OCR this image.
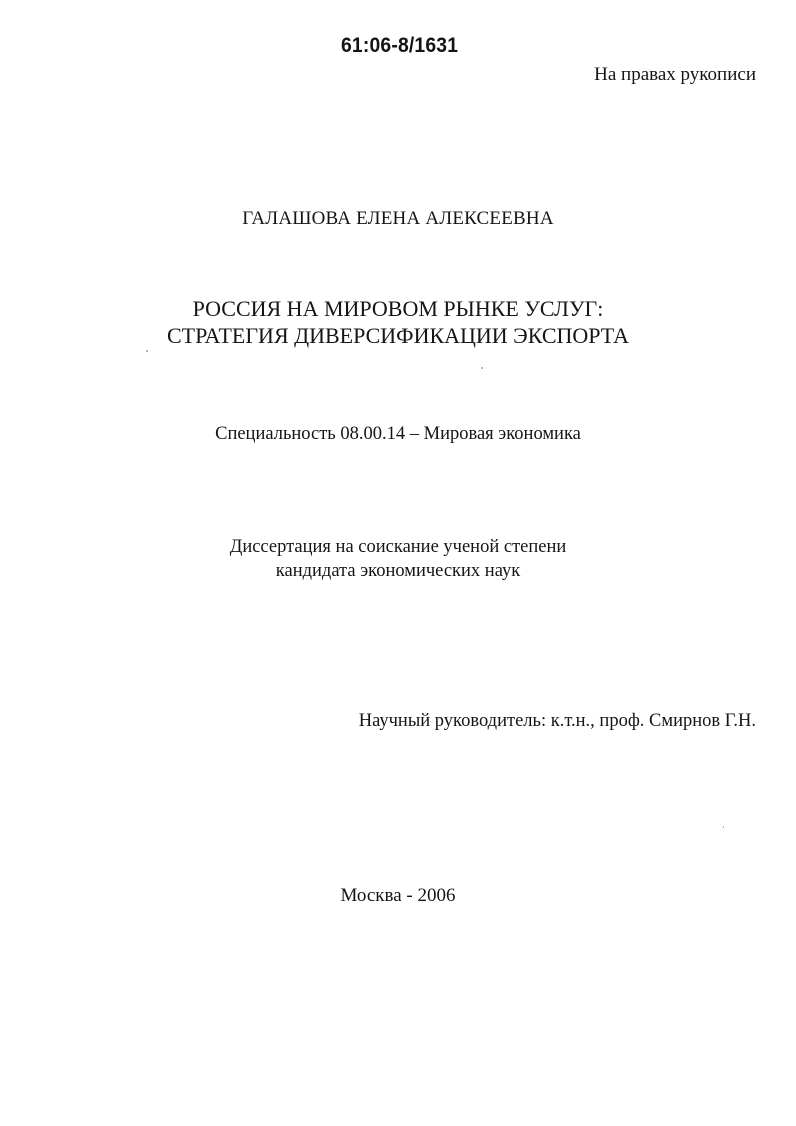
61:06-8/1631
На правах рукописи
ГАЛАШОВА ЕЛЕНА АЛЕКСЕЕВНА
РОССИЯ НА МИРОВОМ РЫНКЕ УСЛУГ:
СТРАТЕГИЯ ДИВЕРСИФИКАЦИИ ЭКСПОРТА
Специальность 08.00.14 – Мировая экономика
Диссертация на соискание ученой степени
кандидата экономических наук
Научный руководитель: к.т.н., проф. Смирнов Г.Н.
Москва - 2006
